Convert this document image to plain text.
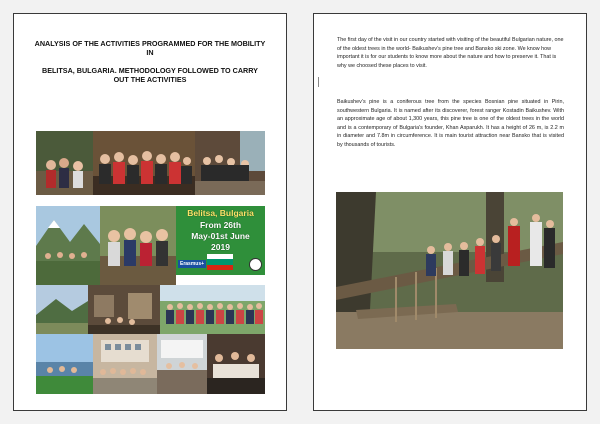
ANALYSIS OF THE ACTIVITIES PROGRAMMED FOR THE MOBILITY IN
BELITSA, BULGARIA. METHODOLOGY FOLLOWED TO CARRY OUT THE ACTIVITIES
Belitsa, Bulgaria
From 26th
May-01st June
2019
Erasmus+
The first day of the visit in our country started with visiting of the beautiful Bulgarian nature, one of the oldest trees in the world- Baikushev’s pine tree and Bansko ski zone. We know how important it is for our students to know more about the nature and how to preserve it. That is why we choosed these places to visit.
Baikushev’s pine is a coniferous tree from the species Bosnian pine situated in Pirin, southwestern Bulgaria. It is named after its discoverer, forest ranger Kostadin Baikushev. With an approximate age of about 1,300 years, this pine tree is one of the oldest trees in the world and is a contemporary of Bulgaria's founder, Khan Asparukh. It has a height of 26 m, is 2.2 m in diameter and 7.8m in circumference. It is main tourist attraction near Bansko that is visited by thousands of tourists.
